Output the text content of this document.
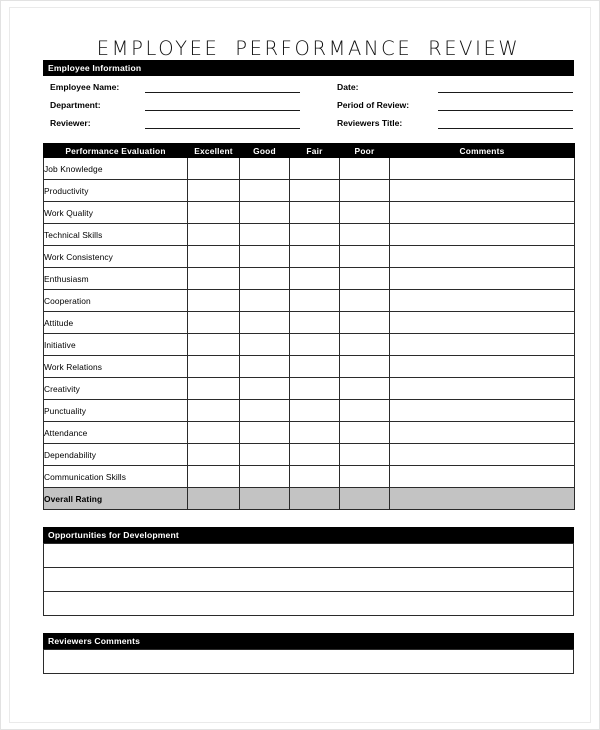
EMPLOYEE PERFORMANCE REVIEW
Employee Information
Employee Name:	Date:
Department:	Period of Review:
Reviewer:	Reviewers Title:
Performance Evaluation	Excellent	Good	Fair	Poor	Comments
Job Knowledge					
Productivity					
Work Quality					
Technical Skills					
Work Consistency					
Enthusiasm					
Cooperation					
Attitude					
Initiative					
Work Relations					
Creativity					
Punctuality					
Attendance					
Dependability					
Communication Skills					
Overall Rating					
Opportunities for Development

Reviewers Comments
